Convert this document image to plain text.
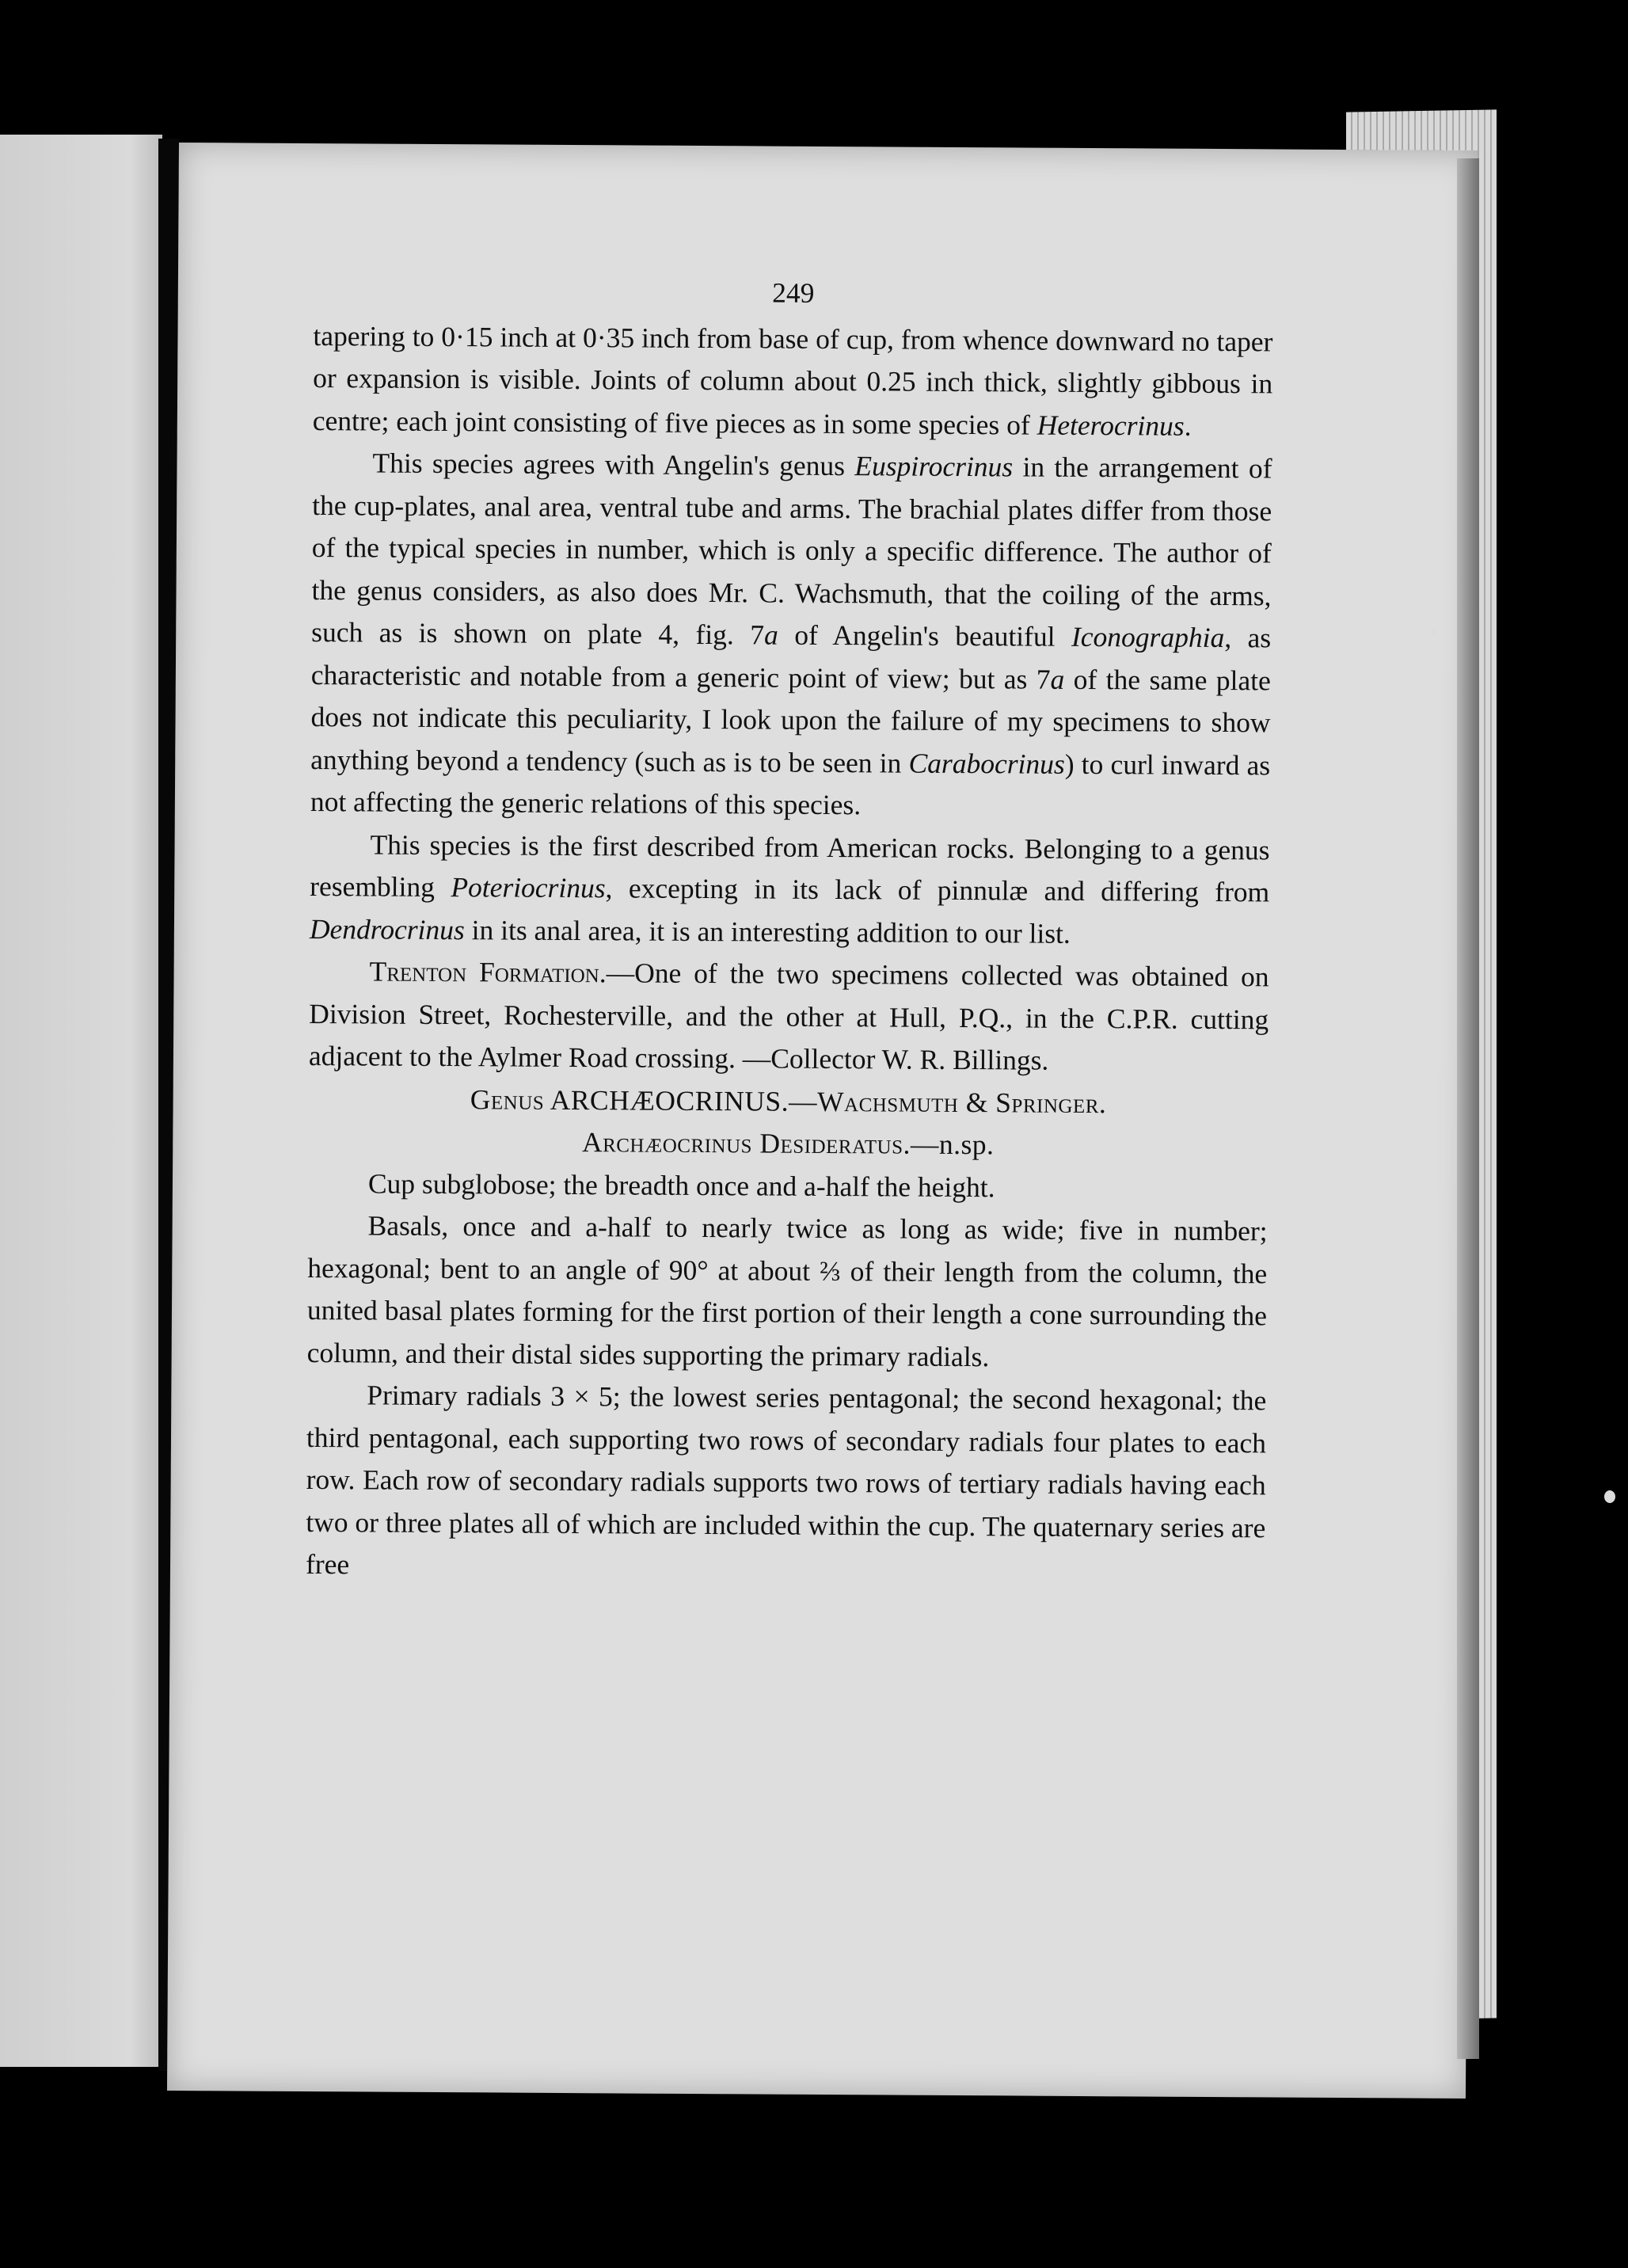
249

tapering to 0·15 inch at 0·35 inch from base of cup, from whence downward no taper or expansion is visible. Joints of column about 0.25 inch thick, slightly gibbous in centre; each joint consisting of five pieces as in some species of Heterocrinus.

This species agrees with Angelin's genus Euspirocrinus in the arrangement of the cup-plates, anal area, ventral tube and arms. The brachial plates differ from those of the typical species in number, which is only a specific difference. The author of the genus considers, as also does Mr. C. Wachsmuth, that the coiling of the arms, such as is shown on plate 4, fig. 7a of Angelin's beautiful Iconographia, as characteristic and notable from a generic point of view; but as 7a of the same plate does not indicate this peculiarity, I look upon the failure of my specimens to show anything beyond a tendency (such as is to be seen in Carabocrinus) to curl inward as not affecting the generic relations of this species.

This species is the first described from American rocks. Belonging to a genus resembling Poteriocrinus, excepting in its lack of pinnulæ and differing from Dendrocrinus in its anal area, it is an interesting addition to our list.

Trenton Formation.—One of the two specimens collected was obtained on Division Street, Rochesterville, and the other at Hull, P.Q., in the C.P.R. cutting adjacent to the Aylmer Road crossing. —Collector W. R. Billings.

Genus ARCHÆOCRINUS.—Wachsmuth & Springer.

Archæocrinus Desideratus.—n.sp.

Cup subglobose; the breadth once and a-half the height.

Basals, once and a-half to nearly twice as long as wide; five in number; hexagonal; bent to an angle of 90° at about ⅔ of their length from the column, the united basal plates forming for the first portion of their length a cone surrounding the column, and their distal sides supporting the primary radials.

Primary radials 3 × 5; the lowest series pentagonal; the second hexagonal; the third pentagonal, each supporting two rows of secondary radials four plates to each row. Each row of secondary radials supports two rows of tertiary radials having each two or three plates all of which are included within the cup. The quaternary series are free
